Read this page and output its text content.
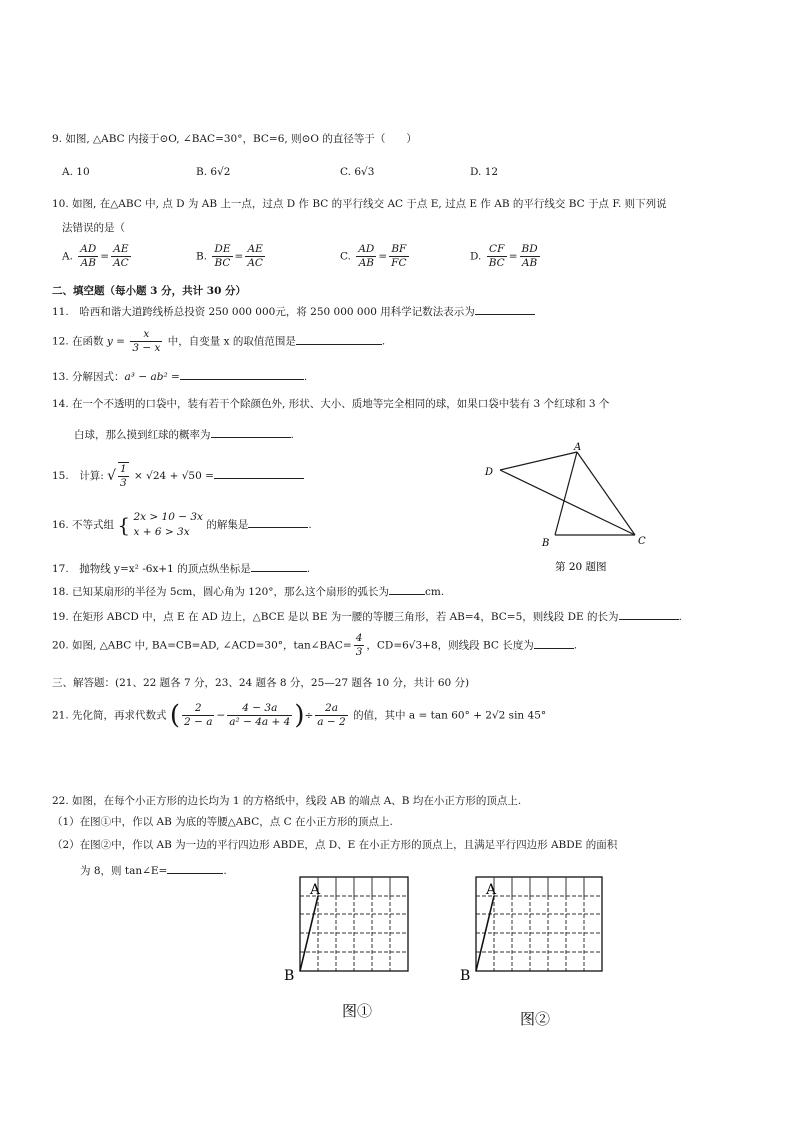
9. 如图, △ABC 内接于⊙O, ∠BAC=30°，BC=6, 则⊙O 的直径等于（　　）
A. 10	B. 6√2	C. 6√3	D. 12
10. 如图, 在△ABC 中, 点 D 为 AB 上一点，过点 D 作 BC 的平行线交 AC 于点 E, 过点 E 作 AB 的平行线交 BC 于点 F. 则下列说
法错误的是（
A. $\frac{AD}{AB} = \frac{AE}{AC}$	B. $\frac{DE}{BC} = \frac{AE}{AC}$	C. $\frac{AD}{AB} = \frac{BF}{FC}$	D. $\frac{CF}{BC} = \frac{BD}{AB}$
二、填空题（每小题 3 分，共计 30 分）
11.　哈西和谐大道跨线桥总投资 250 000 000元，将 250 000 000 用科学记数法表示为
12. 在函数 $y = \frac{x}{3 - x}$ 中，自变量 x 的取值范围是	.
13. 分解因式：a³ − ab² =	.
14. 在一个不透明的口袋中，装有若干个除颜色外, 形状、大小、质地等完全相同的球，如果口袋中装有 3 个红球和 3 个
白球，那么摸到红球的概率为	.
15.　计算: √ $\frac{1}{3} \times √24 + √50$ =
16. 不等式组 { 2x > 10 − 3x
x + 6 > 3x
的解集是	.
17.　抛物线 y=x² -6x+1 的顶点纵坐标是	.
18. 已知某扇形的半径为 5cm，圆心角为 120°，那么这个扇形的弧长为	cm.
19. 在矩形 ABCD 中，点 E 在 AD 边上，△BCE 是以 BE 为一腰的等腰三角形，若 AB=4，BC=5，则线段 DE 的长为	.
20. 如图, △ABC 中, BA=CB=AD, ∠ACD=30°，tan∠BAC= $\frac{4}{3}$ ，CD=6√3+8，则线段 BC 长度为	.
A
D
B	C
第 20 题图
三、解答题：(21、22 题各 7 分，23、24 题各 8 分，25—27 题各 10 分，共计 60 分)
21. 先化简，再求代数式 ( $\frac{2}{2 - a} - \frac{4 - 3a}{\text{a² − 4a + 4}}$ )÷ $\frac{2a}{a - 2}$ 的值，其中 a = tan 60° + 2√2 sin 45°
22. 如图，在每个小正方形的边长均为 1 的方格纸中，线段 AB 的端点 A、B 均在小正方形的顶点上.
（1）在图①中，作以 AB 为底的等腰△ABC，点 C 在小正方形的顶点上.
（2）在图②中，作以 AB 为一边的平行四边形 ABDE，点 D、E 在小正方形的顶点上，且满足平行四边形 ABDE 的面积
为 8，则 tan∠E=	.
A
B
图①
A
B
图②
